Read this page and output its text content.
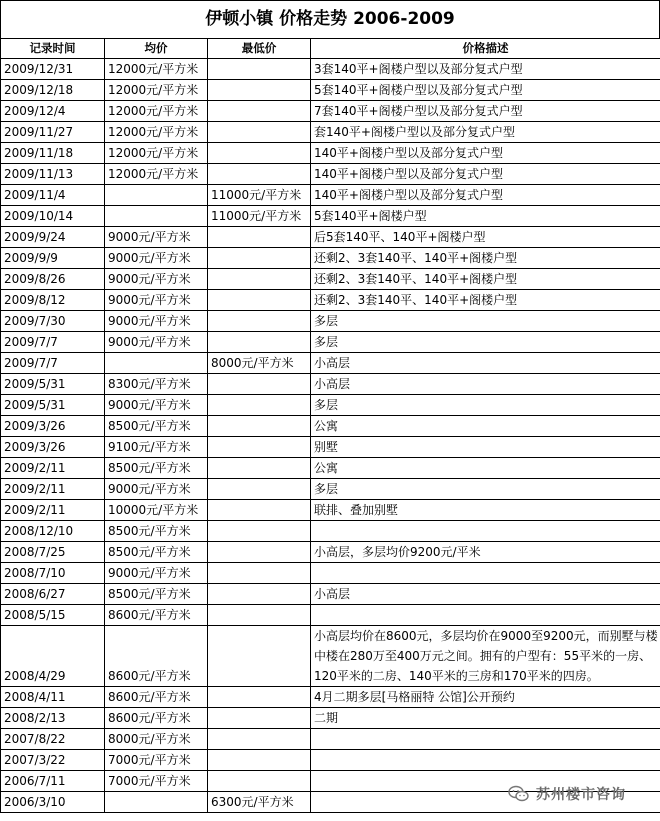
伊顿小镇 价格走势 2006-2009
记录时间	均价	最低价	价格描述
2009/12/31	12000元/平方米		3套140平+阁楼户型以及部分复式户型
2009/12/18	12000元/平方米		5套140平+阁楼户型以及部分复式户型
2009/12/4	12000元/平方米		7套140平+阁楼户型以及部分复式户型
2009/11/27	12000元/平方米		套140平+阁楼户型以及部分复式户型
2009/11/18	12000元/平方米		140平+阁楼户型以及部分复式户型
2009/11/13	12000元/平方米		140平+阁楼户型以及部分复式户型
2009/11/4		11000元/平方米	140平+阁楼户型以及部分复式户型
2009/10/14		11000元/平方米	5套140平+阁楼户型
2009/9/24	9000元/平方米		后5套140平、140平+阁楼户型
2009/9/9	9000元/平方米		还剩2、3套140平、140平+阁楼户型
2009/8/26	9000元/平方米		还剩2、3套140平、140平+阁楼户型
2009/8/12	9000元/平方米		还剩2、3套140平、140平+阁楼户型
2009/7/30	9000元/平方米		多层
2009/7/7	9000元/平方米		多层
2009/7/7		8000元/平方米	小高层
2009/5/31	8300元/平方米		小高层
2009/5/31	9000元/平方米		多层
2009/3/26	8500元/平方米		公寓
2009/3/26	9100元/平方米		别墅
2009/2/11	8500元/平方米		公寓
2009/2/11	9000元/平方米		多层
2009/2/11	10000元/平方米		联排、叠加别墅
2008/12/10	8500元/平方米		
2008/7/25	8500元/平方米		小高层，多层均价9200元/平米
2008/7/10	9000元/平方米		
2008/6/27	8500元/平方米		小高层
2008/5/15	8600元/平方米		
2008/4/29	8600元/平方米		小高层均价在8600元，多层均价在9000至9200元，而别墅与楼中楼在280万至400万元之间。拥有的户型有：55平米的一房、120平米的二房、140平米的三房和170平米的四房。
2008/4/11	8600元/平方米		4月二期多层[马格丽特 公馆]公开预约
2008/2/13	8600元/平方米		二期
2007/8/22	8000元/平方米		
2007/3/22	7000元/平方米		
2006/7/11	7000元/平方米		
2006/3/10		6300元/平方米		苏州楼市咨询
